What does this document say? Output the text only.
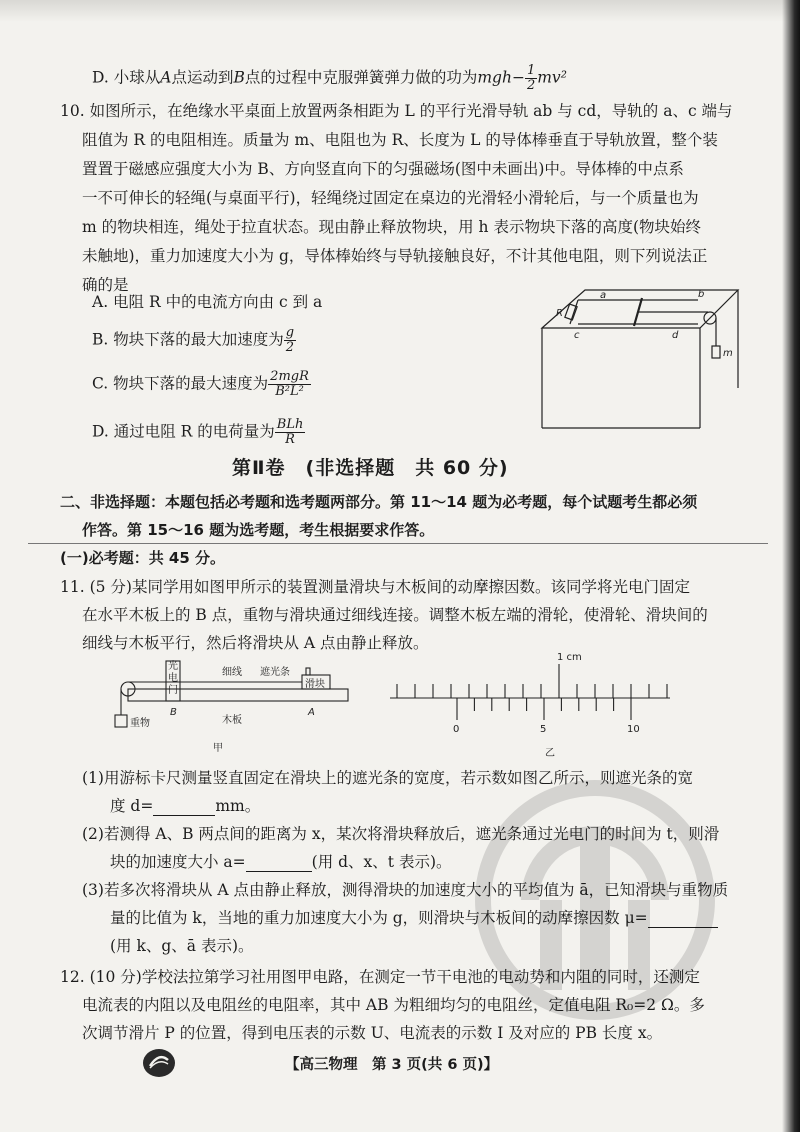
D. 小球从A点运动到B点的过程中克服弹簧弹力做的功为$mgh- \frac{1}{2} mv^2$
10. 如图所示，在绝缘水平桌面上放置两条相距为 L 的平行光滑导轨 ab 与 cd，导轨的 a、c 端与
阻值为 R 的电阻相连。质量为 m、电阻也为 R、长度为 L 的导体棒垂直于导轨放置，整个装
置置于磁感应强度大小为 B、方向竖直向下的匀强磁场(图中未画出)中。导体棒的中点系
一不可伸长的轻绳(与桌面平行)，轻绳绕过固定在桌边的光滑轻小滑轮后，与一个质量也为
m 的物块相连，绳处于拉直状态。现由静止释放物块，用 h 表示物块下落的高度(物块始终
未触地)，重力加速度大小为 g，导体棒始终与导轨接触良好，不计其他电阻，则下列说法正
确的是
A. 电阻 R 中的电流方向由 c 到 a
B. 物块下落的最大加速度为 $\frac{g}{2}$
C. 物块下落的最大速度为 $\frac{\text{2mgR}}{\text{B²L²}}$
D. 通过电阻 R 的电荷量为 $\frac{\text{BLh}}{R}$
a	b
c	d
R
m
第Ⅱ卷　(非选择题　共 60 分)
二、非选择题：本题包括必考题和选考题两部分。第 11～14 题为必考题，每个试题考生都必须
作答。第 15～16 题为选考题，考生根据要求作答。
(一)必考题：共 45 分。
11. (5 分)某同学用如图甲所示的装置测量滑块与木板间的动摩擦因数。该同学将光电门固定
在水平木板上的 B 点，重物与滑块通过细线连接。调整木板左端的滑轮，使滑轮、滑块间的
细线与木板平行，然后将滑块从 A 点由静止释放。
光
电
门
细线 遮光条
滑块
重物	木板
B	A
甲
1 cm
0	5	10
乙
(1)用游标卡尺测量竖直固定在滑块上的遮光条的宽度，若示数如图乙所示，则遮光条的宽
度 d=	mm。
(2)若测得 A、B 两点间的距离为 x，某次将滑块释放后，遮光条通过光电门的时间为 t，则滑
块的加速度大小 a=	(用 d、x、t 表示)。
(3)若多次将滑块从 A 点由静止释放，测得滑块的加速度大小的平均值为 ā，已知滑块与重物质
量的比值为 k，当地的重力加速度大小为 g，则滑块与木板间的动摩擦因数 μ=
(用 k、g、ā 表示)。
12. (10 分)学校法拉第学习社用图甲电路，在测定一节干电池的电动势和内阻的同时，还测定
电流表的内阻以及电阻丝的电阻率，其中 AB 为粗细均匀的电阻丝，定值电阻 R₀=2 Ω。多
次调节滑片 P 的位置，得到电压表的示数 U、电流表的示数 I 及对应的 PB 长度 x。
【高三物理　第 3 页(共 6 页)】
